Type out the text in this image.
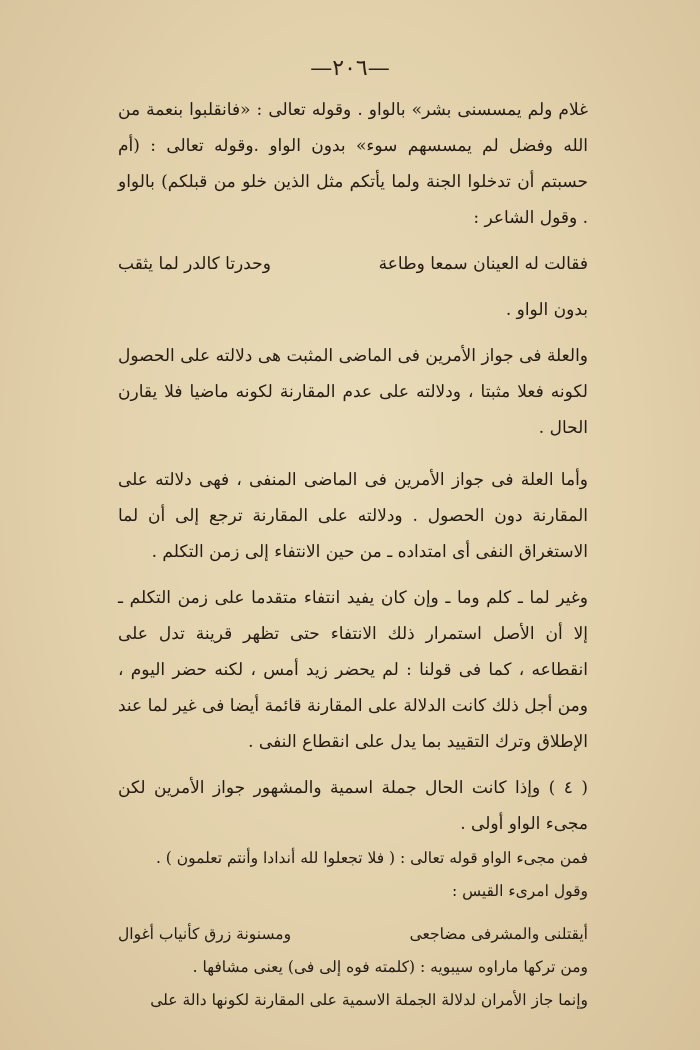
—٢٠٦—

غلام ولم يمسسنى بشر» بالواو . وقوله تعالى : «فانقلبوا بنعمة من الله وفضل لم يمسسهم سوء» بدون الواو .وقوله تعالى : (أم حسبتم أن تدخلوا الجنة ولما يأتكم مثل الذين خلو من قبلكم) بالواو . وقول الشاعر :

فقالت له العينان سمعا وطاعة
وحدرتا كالدر لما يثقب

بدون الواو .

والعلة فى جواز الأمرين فى الماضى المثبت هى دلالته على الحصول لكونه فعلا مثبتا ، ودلالته على عدم المقارنة لكونه ماضيا فلا يقارن الحال .

وأما العلة فى جواز الأمرين فى الماضى المنفى ، فهى دلالته على المقارنة دون الحصول . ودلالته على المقارنة ترجع إلى أن لما الاستغراق النفى أى امتداده ـ من حين الانتفاء إلى زمن التكلم .

وغير لما ـ كلم وما ـ وإن كان يفيد انتفاء متقدما على زمن التكلم ـ إلا أن الأصل استمرار ذلك الانتفاء حتى تظهر قرينة تدل على انقطاعه ، كما فى قولنا : لم يحضر زيد أمس ، لكنه حضر اليوم ، ومن أجل ذلك كانت الدلالة على المقارنة قائمة أيضا فى غير لما عند الإطلاق وترك التقييد بما يدل على انقطاع النفى .

( ٤ ) وإذا كانت الحال جملة اسمية والمشهور جواز الأمرين لكن مجىء الواو أولى .

فمن مجىء الواو قوله تعالى : ( فلا تجعلوا لله أندادا وأنتم تعلمون ) .

وقول امرىء القيس :

أيقتلنى والمشرفى مضاجعى
ومسنونة زرق كأنياب أغوال

ومن تركها ماراوه سيبويه : (كلمته فوه إلى فى) يعنى مشافها .

وإنما جاز الأمران لدلالة الجملة الاسمية على المقارنة لكونها دالة على
